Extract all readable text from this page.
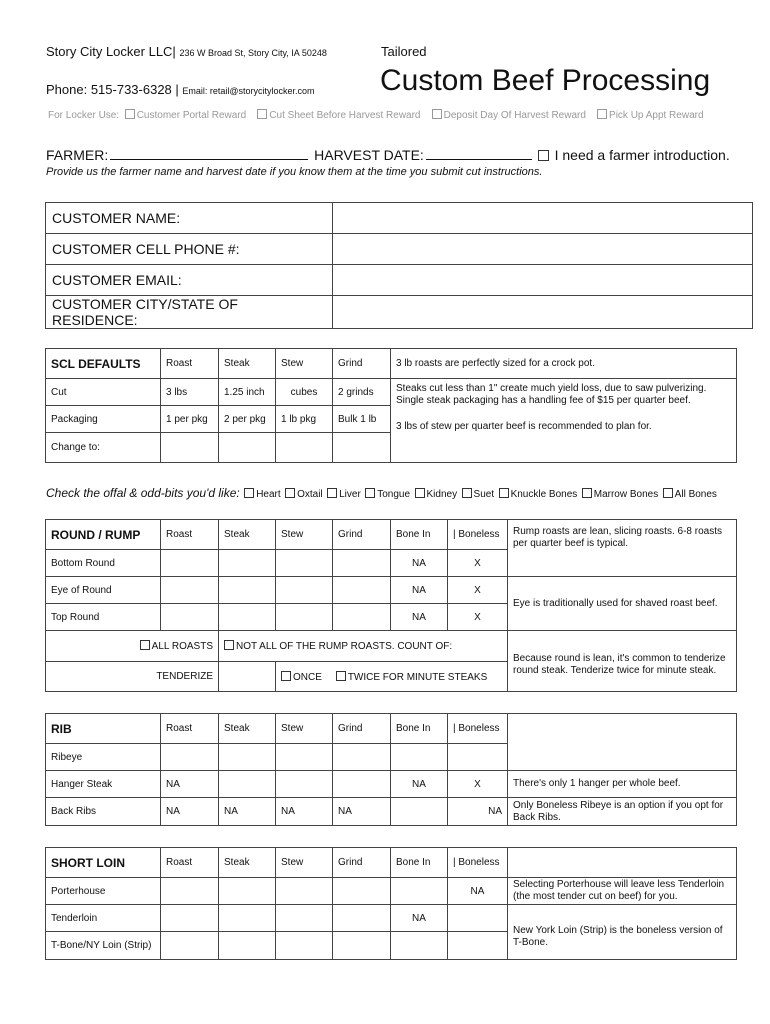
Story City Locker LLC| 236 W Broad St, Story City, IA 50248	Tailored
Phone: 515-733-6328 | Email: retail@storycitylocker.com Custom Beef Processing
For Locker Use: Customer Portal Reward Cut Sheet Before Harvest Reward Deposit Day Of Harvest Reward Pick Up Appt Reward
FARMER:	HARVEST DATE:	I need a farmer introduction.
Provide us the farmer name and harvest date if you know them at the time you submit cut instructions.
CUSTOMER NAME:	
CUSTOMER CELL PHONE #:	
CUSTOMER EMAIL:	
CUSTOMER CITY/STATE OF RESIDENCE:	
SCL DEFAULTS	Roast	Steak	Stew	Grind	3 lb roasts are perfectly sized for a crock pot.
Cut	3 lbs	1.25 inch	cubes	2 grinds	Steaks cut less than 1" create much yield loss, due to saw pulverizing. Single steak packaging has a handling fee of $15 per quarter beef.
3 lbs of stew per quarter beef is recommended to plan for.

Packaging	1 per pkg	2 per pkg	1 lb pkg	Bulk 1 lb	
Change to:					
Check the offal & odd-bits you'd like: Heart Oxtail Liver Tongue Kidney Suet Knuckle Bones Marrow Bones All Bones
ROUND / RUMP	Roast	Steak	Stew	Grind	Bone In	| Boneless	Rump roasts are lean, slicing roasts. 6-8 roasts per quarter beef is typical.
Bottom Round					NA	X	
Eye of Round					NA	X	Eye is traditionally used for shaved roast beef.
Top Round					NA	X	
ALL ROASTS		NOT ALL OF THE RUMP ROASTS. COUNT OF:					Because round is lean, it's common to tenderize round steak. Tenderize twice for minute steak.
TENDERIZE			ONCE TWICE FOR MINUTE STEAKS				
RIB	Roast	Steak	Stew	Grind	Bone In	| Boneless	
Ribeye							
Hanger Steak	NA				NA	X	There's only 1 hanger per whole beef.
Back Ribs	NA	NA	NA	NA		NA	Only Boneless Ribeye is an option if you opt for Back Ribs.
SHORT LOIN	Roast	Steak	Stew	Grind	Bone In	| Boneless	
Porterhouse						NA	Selecting Porterhouse will leave less Tenderloin (the most tender cut on beef) for you.
Tenderloin					NA		New York Loin (Strip) is the boneless version of T-Bone.
T-Bone/NY Loin (Strip)							
